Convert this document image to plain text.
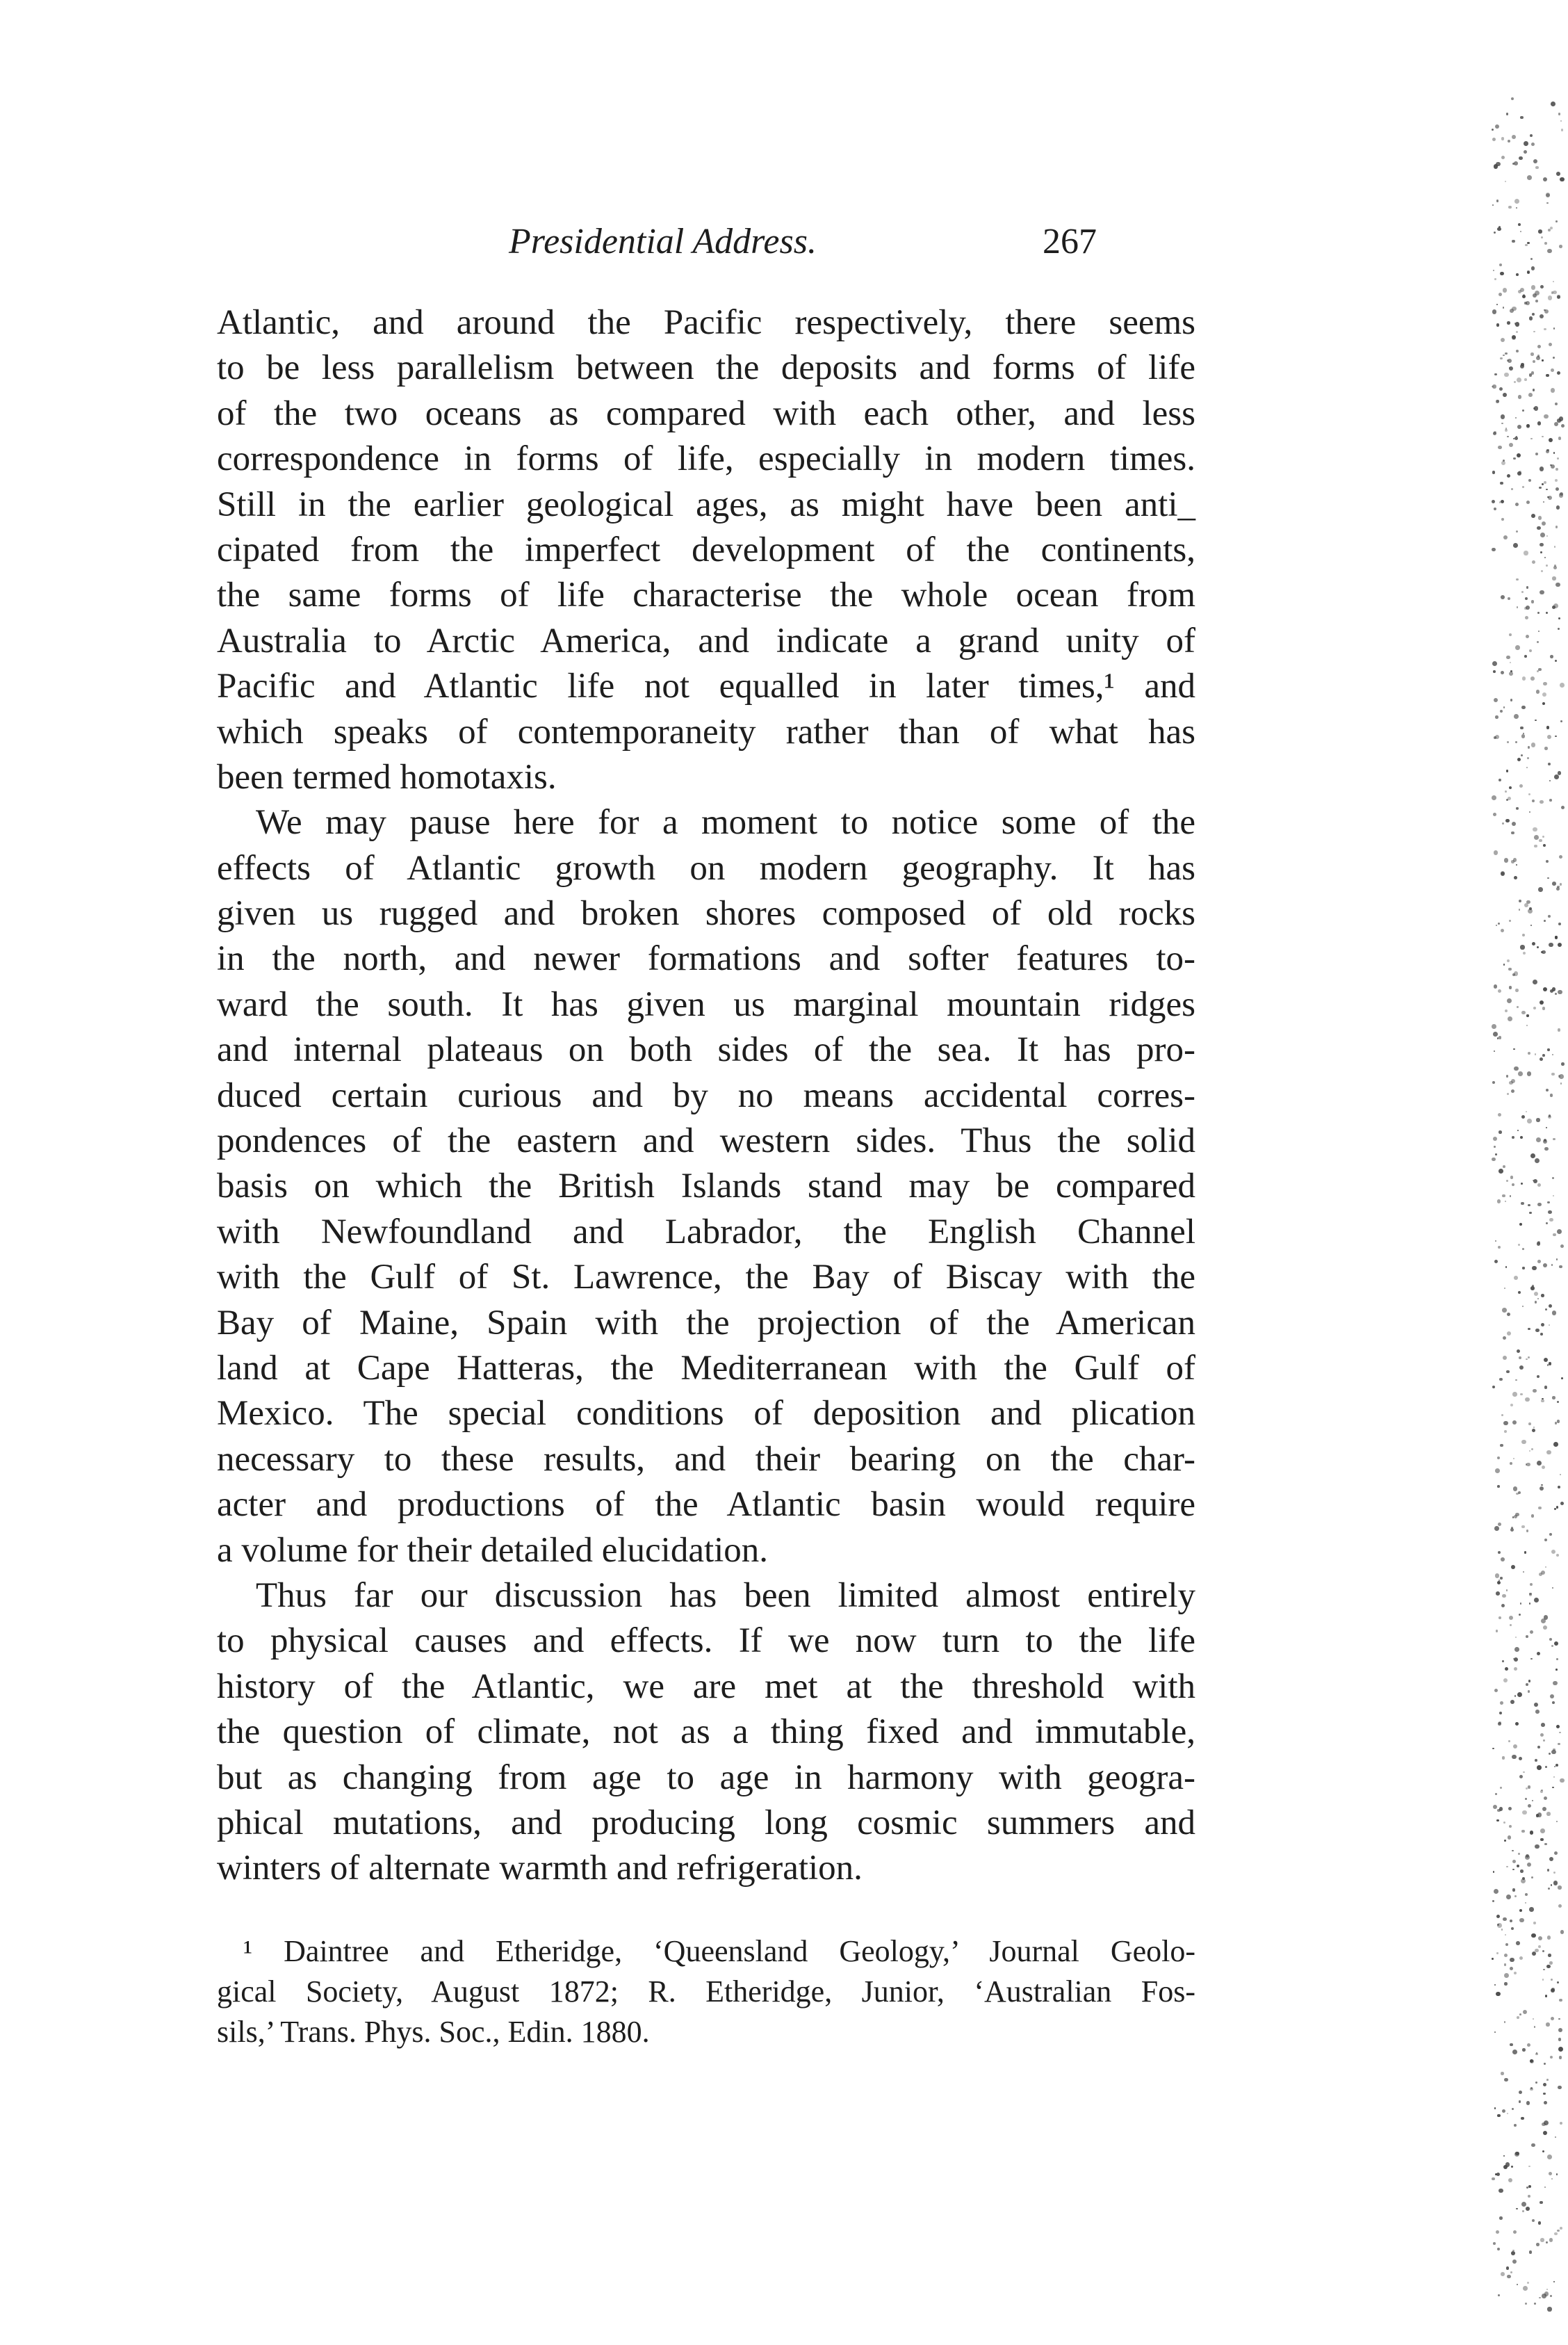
Presidential Address.	267
Atlantic, and around the Pacific respectively, there seems
to be less parallelism between the deposits and forms of life
of the two oceans as compared with each other, and less
correspondence in forms of life, especially in modern times.
Still in the earlier geological ages, as might have been anti_
cipated from the imperfect development of the continents,
the same forms of life characterise the whole ocean from
Australia to Arctic America, and indicate a grand unity of
Pacific and Atlantic life not equalled in later times,¹ and
which speaks of contemporaneity rather than of what has
been termed homotaxis.
We may pause here for a moment to notice some of the
effects of Atlantic growth on modern geography. It has
given us rugged and broken shores composed of old rocks
in the north, and newer formations and softer features to-
ward the south. It has given us marginal mountain ridges
and internal plateaus on both sides of the sea. It has pro-
duced certain curious and by no means accidental corres-
pondences of the eastern and western sides. Thus the solid
basis on which the British Islands stand may be compared
with Newfoundland and Labrador, the English Channel
with the Gulf of St. Lawrence, the Bay of Biscay with the
Bay of Maine, Spain with the projection of the American
land at Cape Hatteras, the Mediterranean with the Gulf of
Mexico. The special conditions of deposition and plication
necessary to these results, and their bearing on the char-
acter and productions of the Atlantic basin would require
a volume for their detailed elucidation.
Thus far our discussion has been limited almost entirely
to physical causes and effects. If we now turn to the life
history of the Atlantic, we are met at the threshold with
the question of climate, not as a thing fixed and immutable,
but as changing from age to age in harmony with geogra-
phical mutations, and producing long cosmic summers and
winters of alternate warmth and refrigeration.
¹ Daintree and Etheridge, ‘Queensland Geology,’ Journal Geolo-
gical Society, August 1872; R. Etheridge, Junior, ‘Australian Fos-
sils,’ Trans. Phys. Soc., Edin. 1880.
